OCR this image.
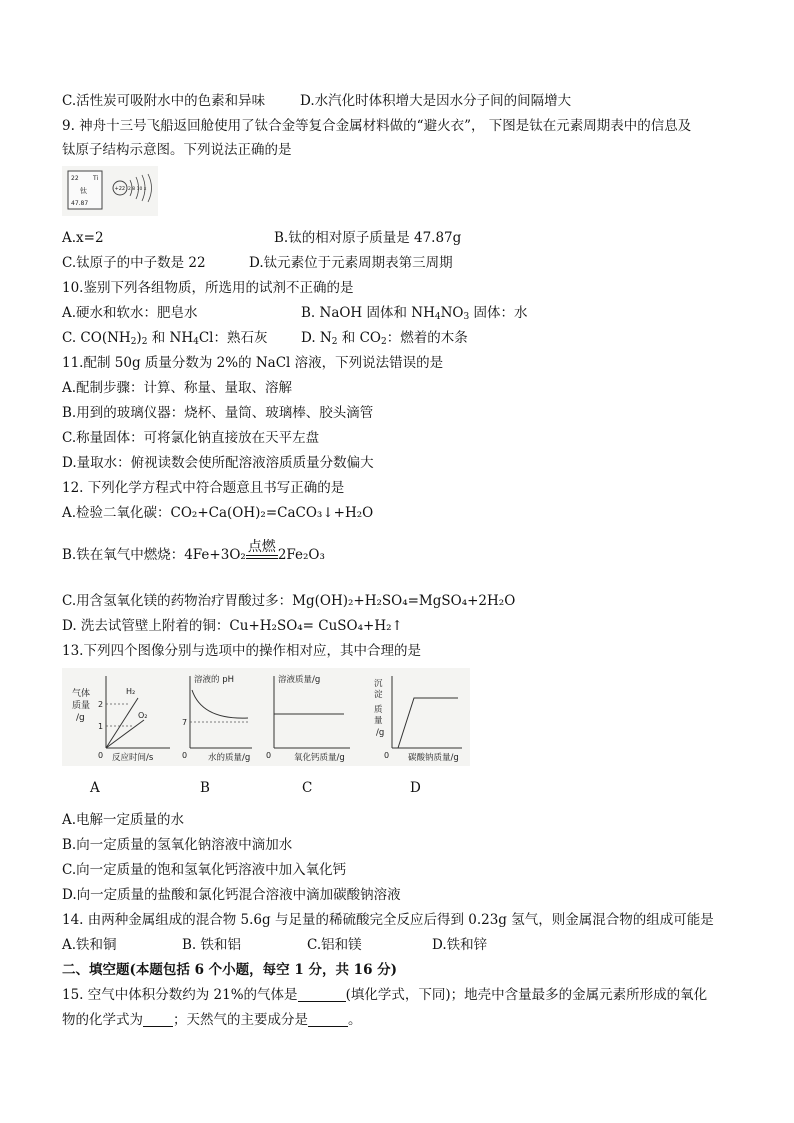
C.活性炭可吸附水中的色素和异味	D.水汽化时体积增大是因水分子间的间隔增大
9. 神舟十三号飞船返回舱使用了钛合金等复合金属材料做的“避火衣”， 下图是钛在元素周期表中的信息及
钛原子结构示意图。下列说法正确的是
22 Ti
钛
47.87
+22 2 8 10 x
A.x=2	B.钛的相对原子质量是 47.87g
C.钛原子的中子数是 22	D.钛元素位于元素周期表第三周期
10.鉴别下列各组物质，所选用的试剂不正确的是
A.硬水和软水：肥皂水	B. NaOH 固体和 $NH_4NO_3$ 固体：水
C. $CO(NH_2)_2$ 和 $NH_4Cl$：熟石灰 D. $N_2$ 和 $CO_2$：燃着的木条
11.配制 50g 质量分数为 2%的 NaCl 溶液，下列说法错误的是
A.配制步骤：计算、称量、量取、溶解
B.用到的玻璃仪器：烧杯、量筒、玻璃棒、胶头滴管
C.称量固体：可将氯化钠直接放在天平左盘
D.量取水：俯视读数会使所配溶液溶质质量分数偏大
12. 下列化学方程式中符合题意且书写正确的是
A.检验二氧化碳：CO₂+Ca(OH)₂=CaCO₃↓+H₂O
B.铁在氧气中燃烧：4Fe+3O₂ 点燃 2Fe₂O₃
C.用含氢氧化镁的药物治疗胃酸过多：Mg(OH)₂+H₂SO₄=MgSO₄+2H₂O
D. 洗去试管壁上附着的铜：Cu+H₂SO₄= CuSO₄+H₂↑
13.下列四个图像分别与选项中的操作相对应，其中合理的是
气体
质量
/g
2
1
0
H₂
O₂
反应时间/s
溶液的 pH
7
0 水的质量/g
溶液质量/g
0	氧化钙质量/g
沉
淀
质
量
/g
0 碳酸钠质量/g
A	B	C	D
A.电解一定质量的水
B.向一定质量的氢氧化钠溶液中滴加水
C.向一定质量的饱和氢氧化钙溶液中加入氧化钙
D.向一定质量的盐酸和氯化钙混合溶液中滴加碳酸钠溶液
14. 由两种金属组成的混合物 5.6g 与足量的稀硫酸完全反应后得到 0.23g 氢气，则金属混合物的组成可能是
A.铁和铜	B. 铁和铝	C.铝和镁	D.铁和锌
二、填空题(本题包括 6 个小题，每空 1 分，共 16 分)
15. 空气中体积分数约为 21%的气体是	(填化学式，下同)；地壳中含量最多的金属元素所形成的氧化
物的化学式为 ；天然气的主要成分是	。
